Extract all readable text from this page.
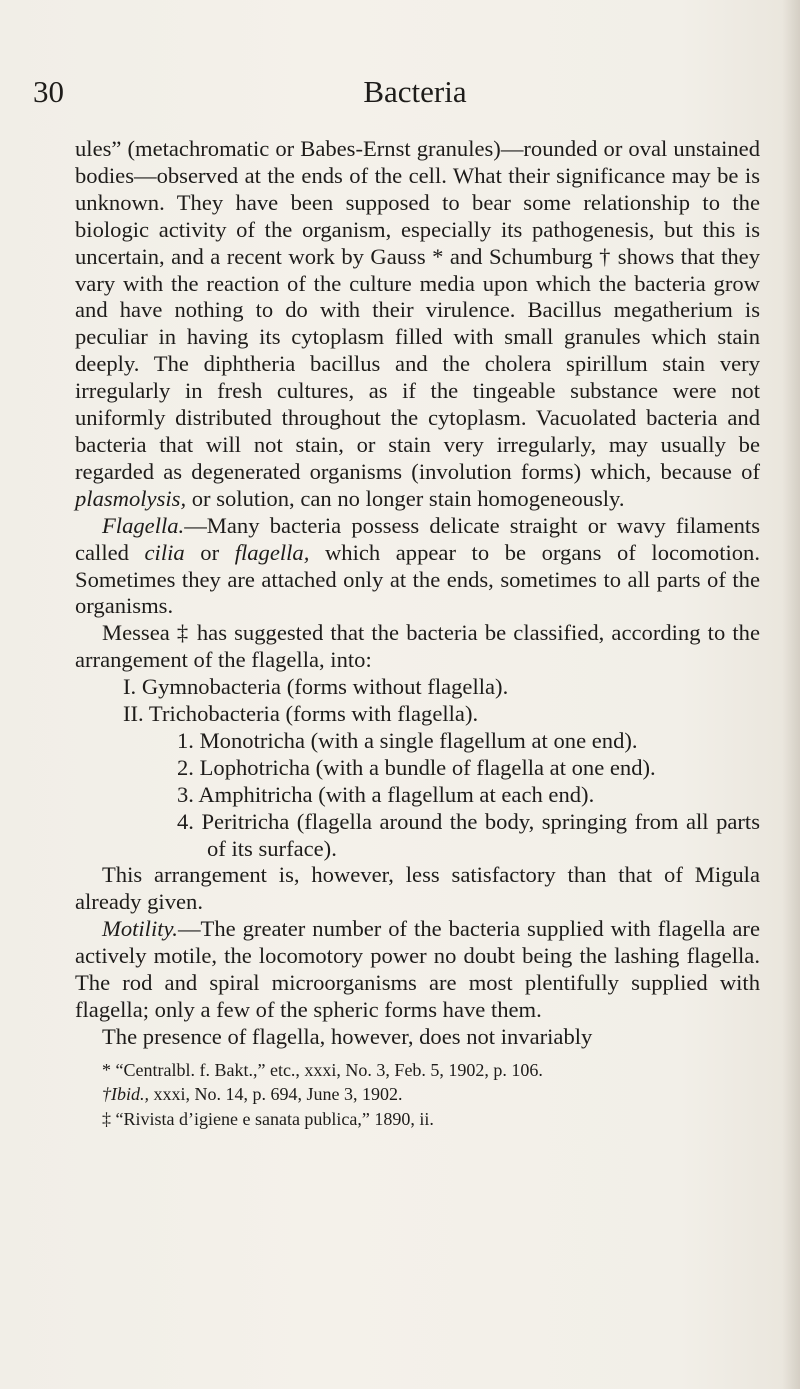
30	Bacteria

ules” (metachromatic or Babes-Ernst granules)—rounded or oval unstained bodies—observed at the ends of the cell. What their significance may be is unknown. They have been supposed to bear some relationship to the biologic activity of the organism, especially its pathogenesis, but this is uncertain, and a recent work by Gauss * and Schumburg † shows that they vary with the reaction of the culture media upon which the bacteria grow and have nothing to do with their virulence. Bacillus megatherium is peculiar in having its cytoplasm filled with small granules which stain deeply. The diphtheria bacillus and the cholera spirillum stain very irregularly in fresh cultures, as if the tingeable substance were not uniformly distributed throughout the cytoplasm. Vacuolated bacteria and bacteria that will not stain, or stain very irregularly, may usually be regarded as degenerated organisms (involution forms) which, because of plasmolysis, or solution, can no longer stain homogeneously.

Flagella.—Many bacteria possess delicate straight or wavy filaments called cilia or flagella, which appear to be organs of locomotion. Sometimes they are attached only at the ends, sometimes to all parts of the organisms.

Messea ‡ has suggested that the bacteria be classified, according to the arrangement of the flagella, into:

I. Gymnobacteria (forms without flagella).

II. Trichobacteria (forms with flagella).

1. Monotricha (with a single flagellum at one end).

2. Lophotricha (with a bundle of flagella at one end).

3. Amphitricha (with a flagellum at each end).

4. Peritricha (flagella around the body, springing from all parts of its surface).

This arrangement is, however, less satisfactory than that of Migula already given.

Motility.—The greater number of the bacteria supplied with flagella are actively motile, the locomotory power no doubt being the lashing flagella. The rod and spiral microorganisms are most plentifully supplied with flagella; only a few of the spheric forms have them.

The presence of flagella, however, does not invariably

* “Centralbl. f. Bakt.,” etc., xxxi, No. 3, Feb. 5, 1902, p. 106.

†Ibid., xxxi, No. 14, p. 694, June 3, 1902.

‡ “Rivista d’igiene e sanata publica,” 1890, ii.
